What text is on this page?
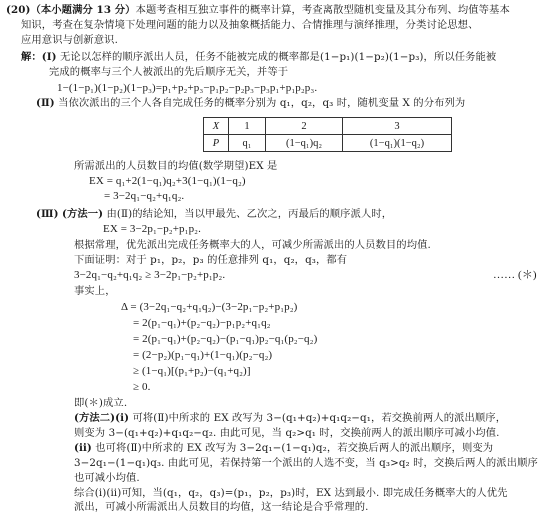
(20)（本小题满分 13 分）本题考查相互独立事件的概率计算，考查离散型随机变量及其分布列、均值等基本
知识，考查在复杂情境下处理问题的能力以及抽象概括能力、合情推理与演绎推理，分类讨论思想、
应用意识与创新意识.
解：(Ⅰ) 无论以怎样的顺序派出人员，任务不能被完成的概率都是(1−p₁)(1−p₂)(1−p₃)，所以任务能被
完成的概率与三个人被派出的先后顺序无关，并等于
1−(1−p₁)(1−p₂)(1−p₃)=p₁+p₂+p₃−p₁p₂−p₂p₃−p₃p₁+p₁p₂p₃.
(Ⅱ) 当依次派出的三个人各自完成任务的概率分别为 q₁，q₂，q₃ 时，随机变量 X 的分布列为
X	1	2	3
P	q₁	(1−q₁)q₂	(1−q₁)(1−q₂)
所需派出的人员数目的均值(数学期望)EX 是
EX = q₁+2(1−q₁)q₂+3(1−q₁)(1−q₂)
= 3−2q₁−q₂+q₁q₂.
(Ⅲ) (方法一) 由(Ⅱ)的结论知，当以甲最先、乙次之，丙最后的顺序派人时，
EX = 3−2p₁−p₂+p₁p₂.
根据常理，优先派出完成任务概率大的人，可减少所需派出的人员数目的均值.
下面证明：对于 p₁，p₂，p₃ 的任意排列 q₁，q₂，q₃，都有
3−2q₁−q₂+q₁q₂ ≥ 3−2p₁−p₂+p₁p₂.	…… (＊)
事实上，
Δ = (3−2q₁−q₂+q₁q₂)−(3−2p₁−p₂+p₁p₂)
= 2(p₁−q₁)+(p₂−q₂)−p₁p₂+q₁q₂
= 2(p₁−q₁)+(p₂−q₂)−(p₁−q₁)p₂−q₁(p₂−q₂)
= (2−p₂)(p₁−q₁)+(1−q₁)(p₂−q₂)
≥ (1−q₁)[(p₁+p₂)−(q₁+q₂)]
≥ 0.
即(＊)成立.
(方法二)(ⅰ) 可将(Ⅱ)中所求的 EX 改写为 3−(q₁+q₂)+q₁q₂−q₁，若交换前两人的派出顺序，
则变为 3−(q₁+q₂)+q₁q₂−q₂. 由此可见，当 q₂>q₁ 时，交换前两人的派出顺序可减小均值.
(ⅱ) 也可将(Ⅱ)中所求的 EX 改写为 3−2q₁−(1−q₁)q₂，若交换后两人的派出顺序，则变为
3−2q₁−(1−q₁)q₃. 由此可见，若保持第一个派出的人选不变，当 q₃>q₂ 时，交换后两人的派出顺序
也可减小均值.
综合(ⅰ)(ⅱ)可知，当(q₁，q₂，q₃)=(p₁，p₂，p₃)时，EX 达到最小. 即完成任务概率大的人优先
派出，可减小所需派出人员数目的均值，这一结论是合乎常理的.
